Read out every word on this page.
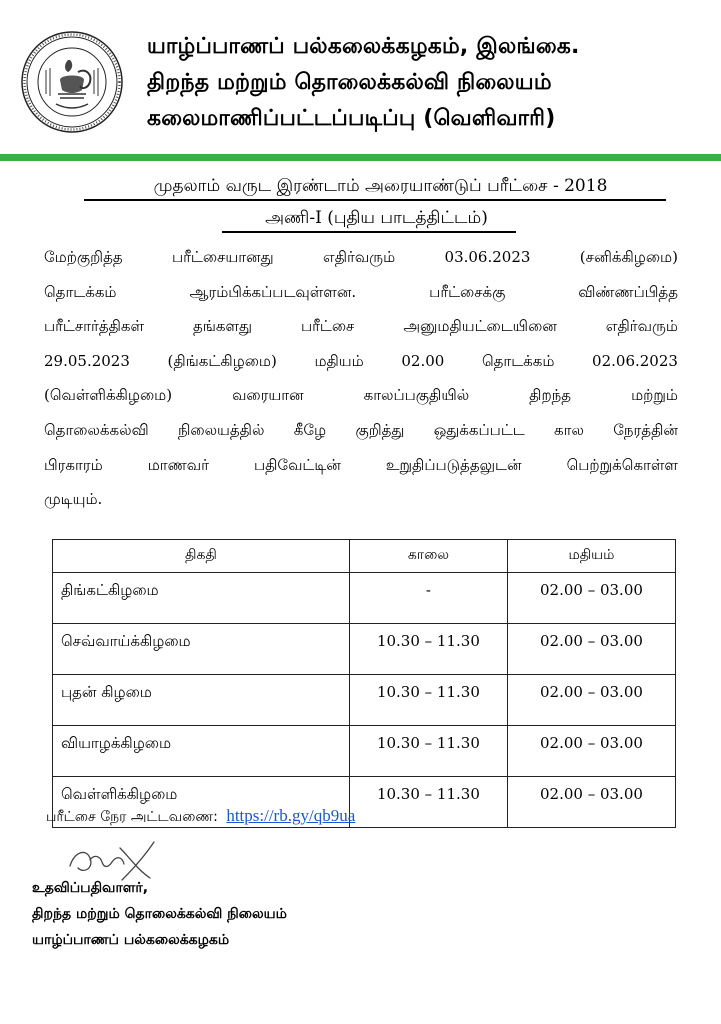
யாழ்ப்பாணப் பல்கலைக்கழகம், இலங்கை.
திறந்த மற்றும் தொலைக்கல்வி நிலையம்
கலைமாணிப்பட்டப்படிப்பு (வெளிவாரி)
முதலாம் வருட இரண்டாம் அரையாண்டுப் பரீட்சை - 2018
அணி-I (புதிய பாடத்திட்டம்)
மேற்குறித்த	பரீட்சையானது	எதிர்வரும்	03.06.2023	(சனிக்கிழமை)
தொடக்கம்	ஆரம்பிக்கப்படவுள்ளன.	பரீட்சைக்கு	விண்ணப்பித்த
பரீட்சார்த்திகள்	தங்களது	பரீட்சை	அனுமதியட்டையினை	எதிர்வரும்
29.05.2023	(திங்கட்கிழமை)	மதியம்	02.00	தொடக்கம்	02.06.2023
(வெள்ளிக்கிழமை)	வரையான	காலப்பகுதியில்	திறந்த	மற்றும்
தொலைக்கல்வி நிலையத்தில் கீழே குறித்து ஒதுக்கப்பட்ட கால நேரத்தின்
பிரகாரம்	மாணவர்	பதிவேட்டின்	உறுதிப்படுத்தலுடன்	பெற்றுக்கொள்ள
முடியும்.
திகதி	காலை	மதியம்
திங்கட்கிழமை	-	02.00 – 03.00
செவ்வாய்க்கிழமை	10.30 – 11.30	02.00 – 03.00
புதன் கிழமை	10.30 – 11.30	02.00 – 03.00
வியாழக்கிழமை	10.30 – 11.30	02.00 – 03.00
வெள்ளிக்கிழமை	10.30 – 11.30	02.00 – 03.00
பரீட்சை நேர அட்டவணை: https://rb.gy/qb9ua
உதவிப்பதிவாளர்,
திறந்த மற்றும் தொலைக்கல்வி நிலையம்
யாழ்ப்பாணப் பல்கலைக்கழகம்
